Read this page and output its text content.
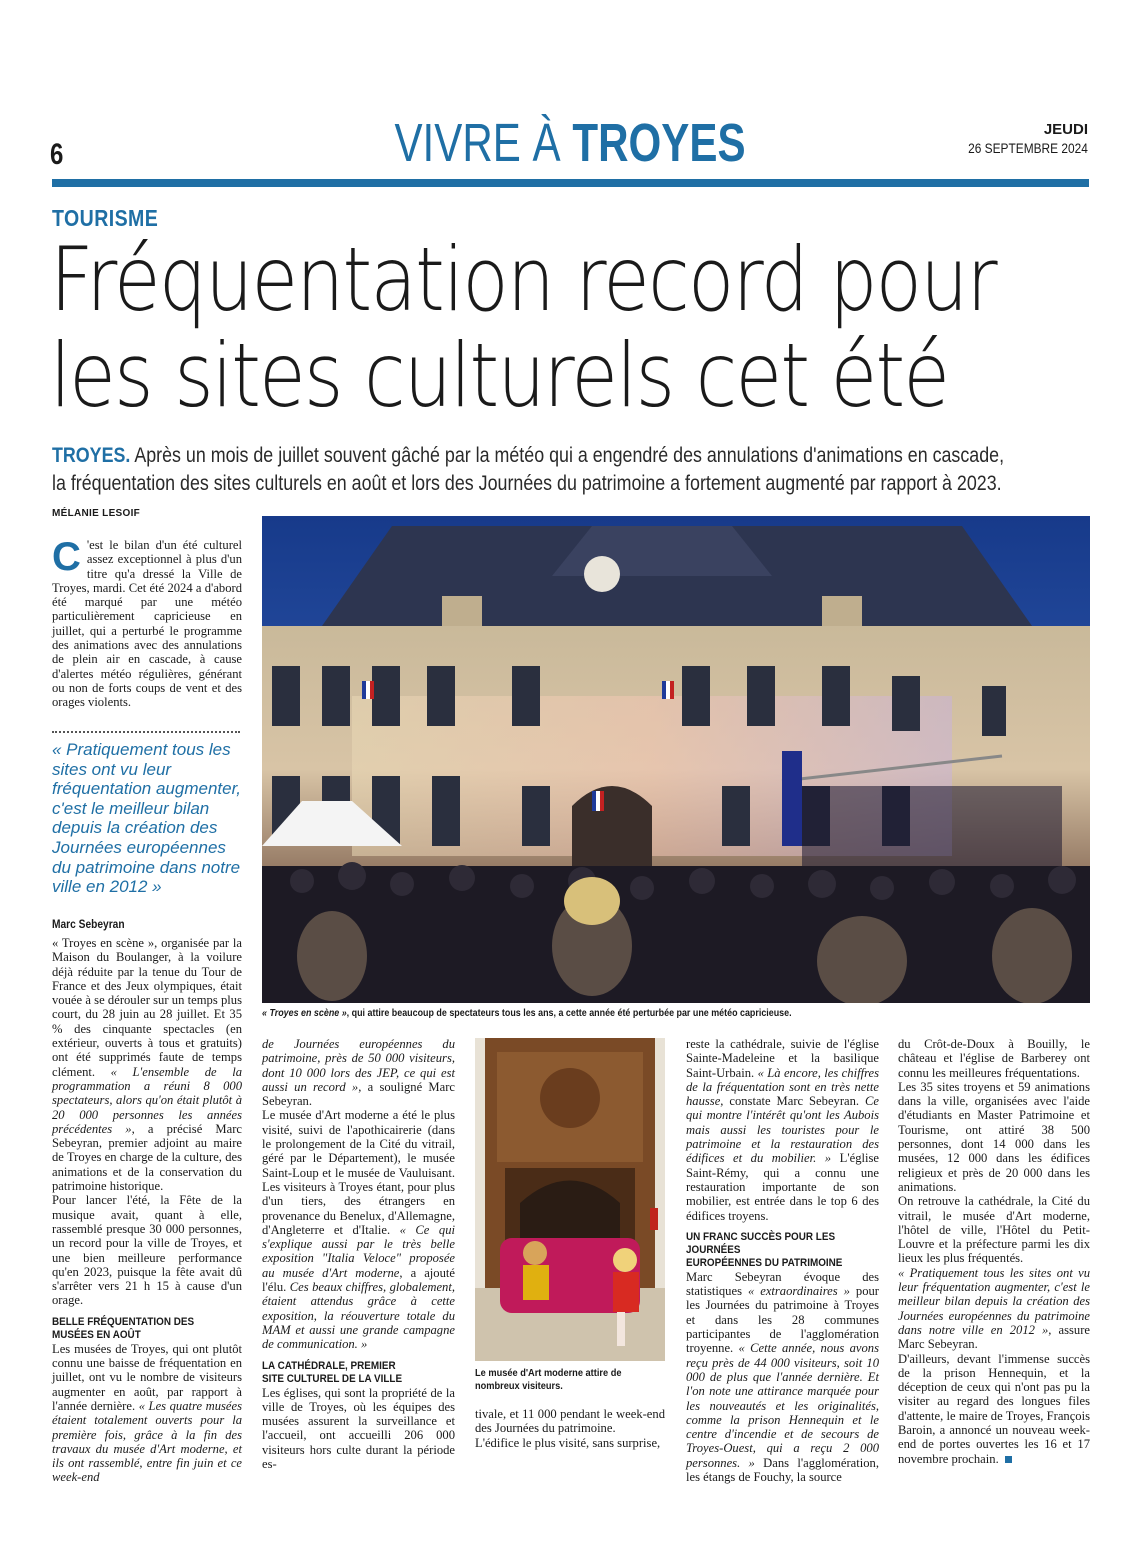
6	VIVRE À TROYES	JEUDI
26 SEPTEMBRE 2024
TOURISME
Fréquentation record pour
les sites culturels cet été
TROYES. Après un mois de juillet souvent gâché par la météo qui a engendré des annulations d'animations en cascade,
la fréquentation des sites culturels en août et lors des Journées du patrimoine a fortement augmenté par rapport à 2023.
MÉLANIE LESOIF
C 'est le bilan d'un été culturel assez exceptionnel à plus d'un titre qu'a dressé la Ville de Troyes, mardi. Cet été 2024 a d'abord été marqué par une météo particulièrement capricieuse en juillet, qui a perturbé le programme des animations avec des annulations de plein air en cascade, à cause d'alertes météo régulières, générant ou non de forts coups de vent et des orages violents.
« Pratiquement tous les sites ont vu leur fréquentation augmenter, c'est le meilleur bilan depuis la création des Journées européennes du patrimoine dans notre ville en 2012 »
Marc Sebeyran

« Troyes en scène », organisée par la Maison du Boulanger, à la voilure déjà réduite par la tenue du Tour de France et des Jeux olympiques, était vouée à se dérouler sur un temps plus court, du 28 juin au 28 juillet. Et 35 % des cinquante spectacles (en extérieur, ouverts à tous et gratuits) ont été supprimés faute de temps clément. « L'ensemble de la programmation a réuni 8 000 spectateurs, alors qu'on était plutôt à 20 000 personnes les années précédentes », a précisé Marc Sebeyran, premier adjoint au maire de Troyes en charge de la culture, des animations et de la conservation du patrimoine historique.

Pour lancer l'été, la Fête de la musique avait, quant à elle, rassemblé presque 30 000 personnes, un record pour la ville de Troyes, et une bien meilleure performance qu'en 2023, puisque la fête avait dû s'arrêter vers 21 h 15 à cause d'un orage.

BELLE FRÉQUENTATION DES MUSÉES EN AOÛT

Les musées de Troyes, qui ont plutôt connu une baisse de fréquentation en juillet, ont vu le nombre de visiteurs augmenter en août, par rapport à l'année dernière. « Les quatre musées étaient totalement ouverts pour la première fois, grâce à la fin des travaux du musée d'Art moderne, et ils ont rassemblé, entre fin juin et ce week-end

« Troyes en scène », qui attire beaucoup de spectateurs tous les ans, a cette année été perturbée par une météo capricieuse.

de Journées européennes du patrimoine, près de 50 000 visiteurs, dont 10 000 lors des JEP, ce qui est aussi un record », a souligné Marc Sebeyran.

Le musée d'Art moderne a été le plus visité, suivi de l'apothicairerie (dans le prolongement de la Cité du vitrail, géré par le Département), le musée Saint-Loup et le musée de Vauluisant. Les visiteurs à Troyes étant, pour plus d'un tiers, des étrangers en provenance du Benelux, d'Allemagne, d'Angleterre et d'Italie. « Ce qui s'explique aussi par le très belle exposition "Italia Veloce" proposée au musée d'Art moderne, a ajouté l'élu. Ces beaux chiffres, globalement, étaient attendus grâce à cette exposition, la réouverture totale du MAM et aussi une grande campagne de communication. »

LA CATHÉDRALE, PREMIER
SITE CULTUREL DE LA VILLE

Les églises, qui sont la propriété de la ville de Troyes, où les équipes des musées assurent la surveillance et l'accueil, ont accueilli 206 000 visiteurs hors culte durant la période es-

Le musée d'Art moderne attire de nombreux visiteurs.

tivale, et 11 000 pendant le week-end des Journées du patrimoine.

L'édifice le plus visité, sans surprise,

reste la cathédrale, suivie de l'église Sainte-Madeleine et la basilique Saint-Urbain. « Là encore, les chiffres de la fréquentation sont en très nette hausse, constate Marc Sebeyran. Ce qui montre l'intérêt qu'ont les Aubois mais aussi les touristes pour le patrimoine et la restauration des édifices et du mobilier. » L'église Saint-Rémy, qui a connu une restauration importante de son mobilier, est entrée dans le top 6 des édifices troyens.

UN FRANC SUCCÈS POUR LES JOURNÉES
EUROPÉENNES DU PATRIMOINE

Marc Sebeyran évoque des statistiques « extraordinaires » pour les Journées du patrimoine à Troyes et dans les 28 communes participantes de l'agglomération troyenne. « Cette année, nous avons reçu près de 44 000 visiteurs, soit 10 000 de plus que l'année dernière. Et l'on note une attirance marquée pour les nouveautés et les originalités, comme la prison Hennequin et le centre d'incendie et de secours de Troyes-Ouest, qui a reçu 2 000 personnes. » Dans l'agglomération, les étangs de Fouchy, la source

du Crôt-de-Doux à Bouilly, le château et l'église de Barberey ont connu les meilleures fréquentations.

Les 35 sites troyens et 59 animations dans la ville, organisées avec l'aide d'étudiants en Master Patrimoine et Tourisme, ont attiré 38 500 personnes, dont 14 000 dans les musées, 12 000 dans les édifices religieux et près de 20 000 dans les animations.

On retrouve la cathédrale, la Cité du vitrail, le musée d'Art moderne, l'hôtel de ville, l'Hôtel du Petit-Louvre et la préfecture parmi les dix lieux les plus fréquentés.

« Pratiquement tous les sites ont vu leur fréquentation augmenter, c'est le meilleur bilan depuis la création des Journées européennes du patrimoine dans notre ville en 2012 », assure Marc Sebeyran.

D'ailleurs, devant l'immense succès de la prison Hennequin, et la déception de ceux qui n'ont pas pu la visiter au regard des longues files d'attente, le maire de Troyes, François Baroin, a annoncé un nouveau week-end de portes ouvertes les 16 et 17 novembre prochain.
